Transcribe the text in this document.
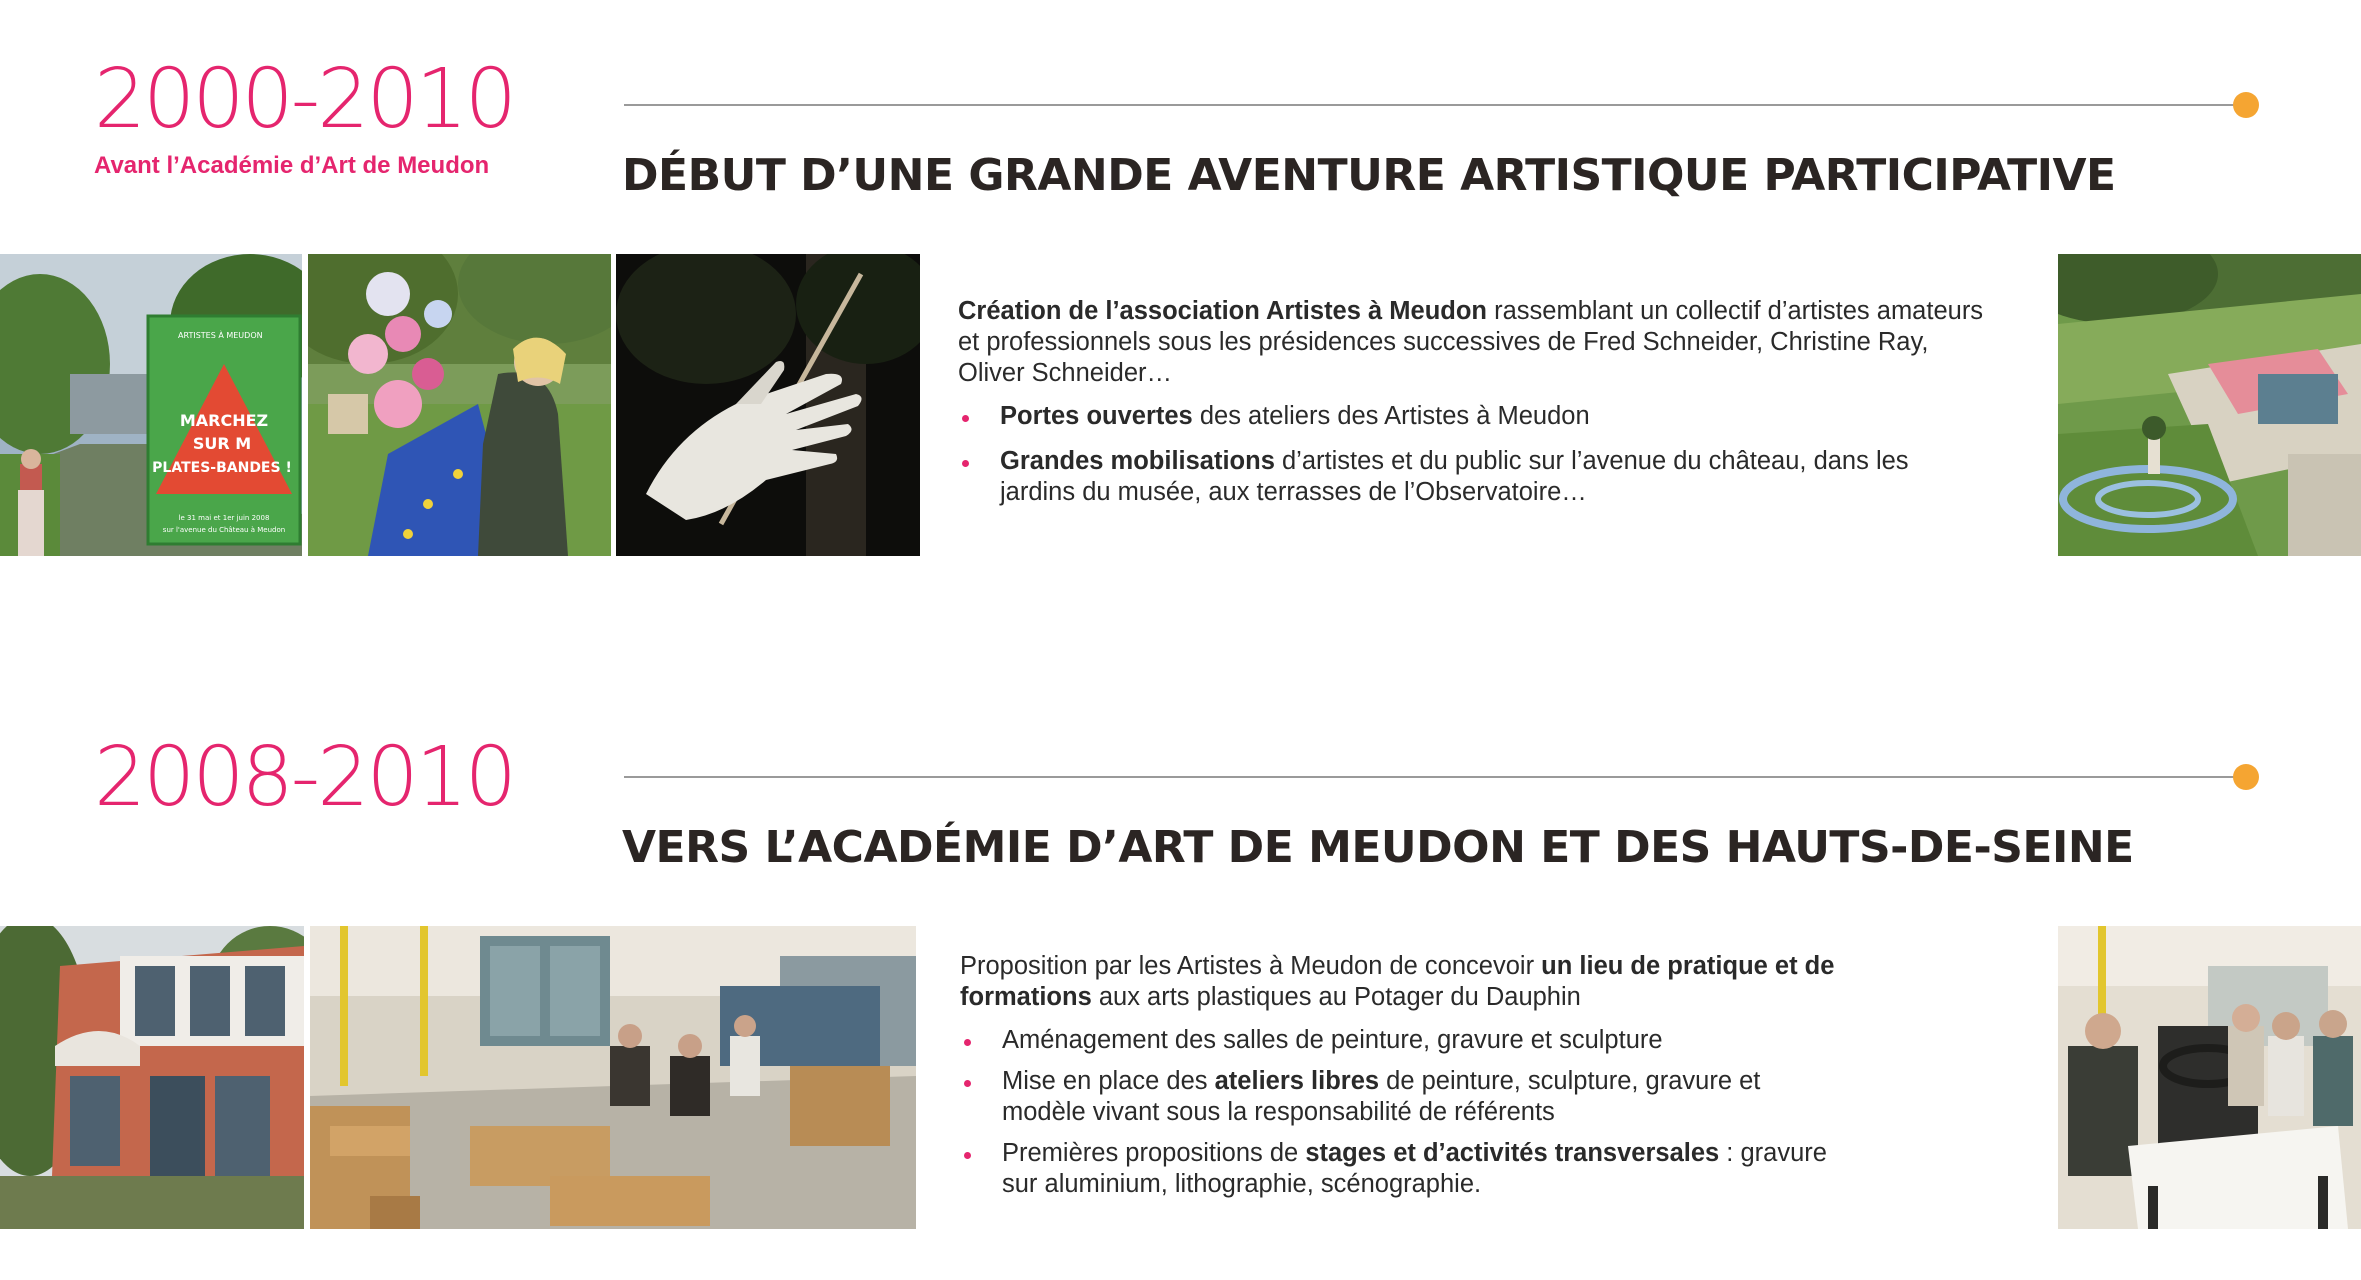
2000-2010
Avant l’Académie d’Art de Meudon	DÉBUT D’UNE GRANDE AVENTURE ARTISTIQUE PARTICIPATIVE
ARTISTES À MEUDON
MARCHEZ
SUR M
PLATES-BANDES !
le 31 mai et 1er juin 2008
sur l'avenue du Château à Meudon

Création de l’association Artistes à Meudon rassemblant un collectif d’artistes amateurs et professionnels sous les présidences successives de Fred Schneider, Christine Ray, Oliver Schneider…

Portes ouvertes des ateliers des Artistes à Meudon
Grandes mobilisations d’artistes et du public sur l’avenue du château, dans les jardins du musée, aux terrasses de l’Observatoire…
2008-2010
VERS L’ACADÉMIE D’ART DE MEUDON ET DES HAUTS-DE-SEINE

Proposition par les Artistes à Meudon de concevoir un lieu de pratique et de formations aux arts plastiques au Potager du Dauphin

Aménagement des salles de peinture, gravure et sculpture
Mise en place des ateliers libres de peinture, sculpture, gravure et modèle vivant sous la responsabilité de référents
Premières propositions de stages et d’activités transversales : gravure sur aluminium, lithographie, scénographie.
